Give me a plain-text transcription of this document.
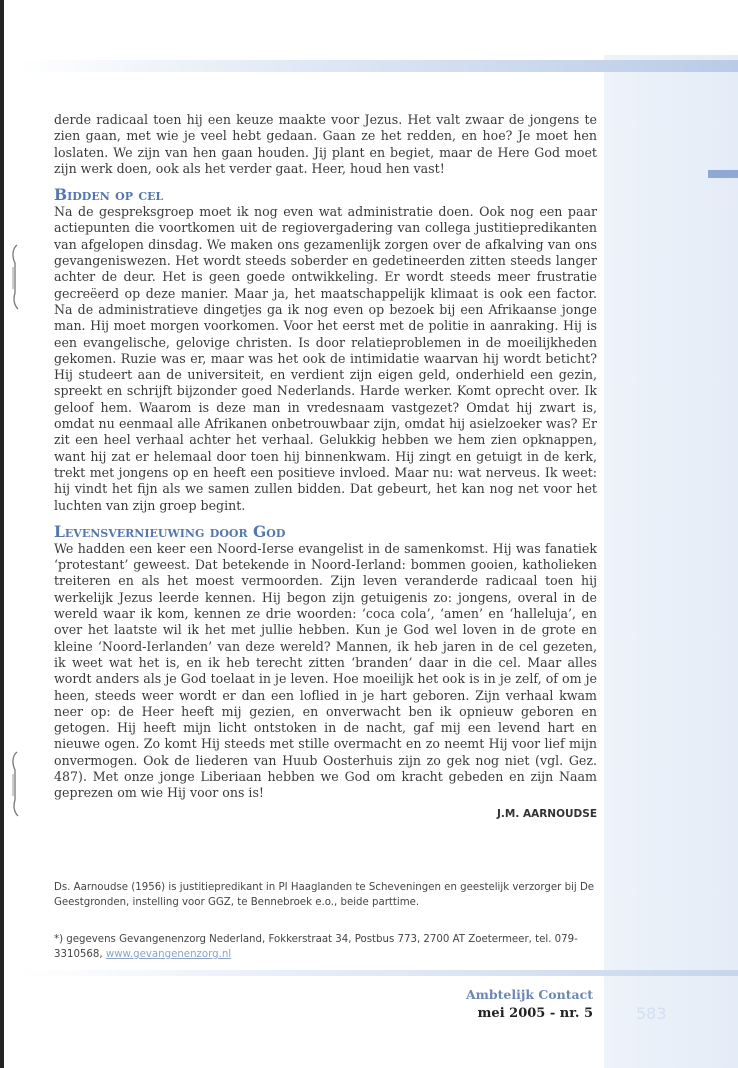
derde radicaal toen hij een keuze maakte voor Jezus. Het valt zwaar de jongens te zien gaan, met wie je veel hebt gedaan. Gaan ze het redden, en hoe? Je moet hen loslaten. We zijn van hen gaan houden. Jij plant en begiet, maar de Here God moet zijn werk doen, ook als het verder gaat. Heer, houd hen vast!

Bidden op cel

Na de gespreksgroep moet ik nog even wat administratie doen. Ook nog een paar actiepunten die voortkomen uit de regiovergadering van collega justitiepredikanten van afgelopen dinsdag. We maken ons gezamenlijk zorgen over de afkalving van ons gevangeniswezen. Het wordt steeds soberder en gedetineerden zitten steeds langer achter de deur. Het is geen goede ontwikkeling. Er wordt steeds meer frustratie gecreëerd op deze manier. Maar ja, het maatschappelijk klimaat is ook een factor. Na de administratieve dingetjes ga ik nog even op bezoek bij een Afrikaanse jonge man. Hij moet morgen voorkomen. Voor het eerst met de politie in aanraking. Hij is een evangelische, gelovige christen. Is door relatieproblemen in de moeilijkheden gekomen. Ruzie was er, maar was het ook de intimidatie waarvan hij wordt beticht? Hij studeert aan de universiteit, en verdient zijn eigen geld, onderhield een gezin, spreekt en schrijft bijzonder goed Nederlands. Harde werker. Komt oprecht over. Ik geloof hem. Waarom is deze man in vredesnaam vastgezet? Omdat hij zwart is, omdat nu eenmaal alle Afrikanen onbetrouwbaar zijn, omdat hij asielzoeker was? Er zit een heel verhaal achter het verhaal. Gelukkig hebben we hem zien opknappen, want hij zat er helemaal door toen hij binnenkwam. Hij zingt en getuigt in de kerk, trekt met jongens op en heeft een positieve invloed. Maar nu: wat nerveus. Ik weet: hij vindt het fijn als we samen zullen bidden. Dat gebeurt, het kan nog net voor het luchten van zijn groep begint.

Levensvernieuwing door God

We hadden een keer een Noord-Ierse evangelist in de samenkomst. Hij was fanatiek ‘protestant’ geweest. Dat betekende in Noord-Ierland: bommen gooien, katholieken treiteren en als het moest vermoorden. Zijn leven veranderde radicaal toen hij werkelijk Jezus leerde kennen. Hij begon zijn getuigenis zo: jongens, overal in de wereld waar ik kom, kennen ze drie woorden: ‘coca cola’, ‘amen’ en ‘halleluja’, en over het laatste wil ik het met jullie hebben. Kun je God wel loven in de grote en kleine ‘Noord-Ierlanden’ van deze wereld? Mannen, ik heb jaren in de cel gezeten, ik weet wat het is, en ik heb terecht zitten ‘branden’ daar in die cel. Maar alles wordt anders als je God toelaat in je leven. Hoe moeilijk het ook is in je zelf, of om je heen, steeds weer wordt er dan een loflied in je hart geboren. Zijn verhaal kwam neer op: de Heer heeft mij gezien, en onverwacht ben ik opnieuw geboren en getogen. Hij heeft mijn licht ontstoken in de nacht, gaf mij een levend hart en nieuwe ogen. Zo komt Hij steeds met stille overmacht en zo neemt Hij voor lief mijn onvermogen. Ook de liederen van Huub Oosterhuis zijn zo gek nog niet (vgl. Gez. 487). Met onze jonge Liberiaan hebben we God om kracht gebeden en zijn Naam geprezen om wie Hij voor ons is!

J.M. AARNOUDSE

Ds. Aarnoudse (1956) is justitiepredikant in PI Haaglanden te Scheveningen en geestelijk verzorger bij De Geestgronden, instelling voor GGZ, te Bennebroek e.o., beide parttime.

*) gegevens Gevangenenzorg Nederland, Fokkerstraat 34, Postbus 773, 2700 AT Zoetermeer, tel. 079-3310568, www.gevangenenzorg.nl

Ambtelijk Contact
mei 2005 - nr. 5	583
